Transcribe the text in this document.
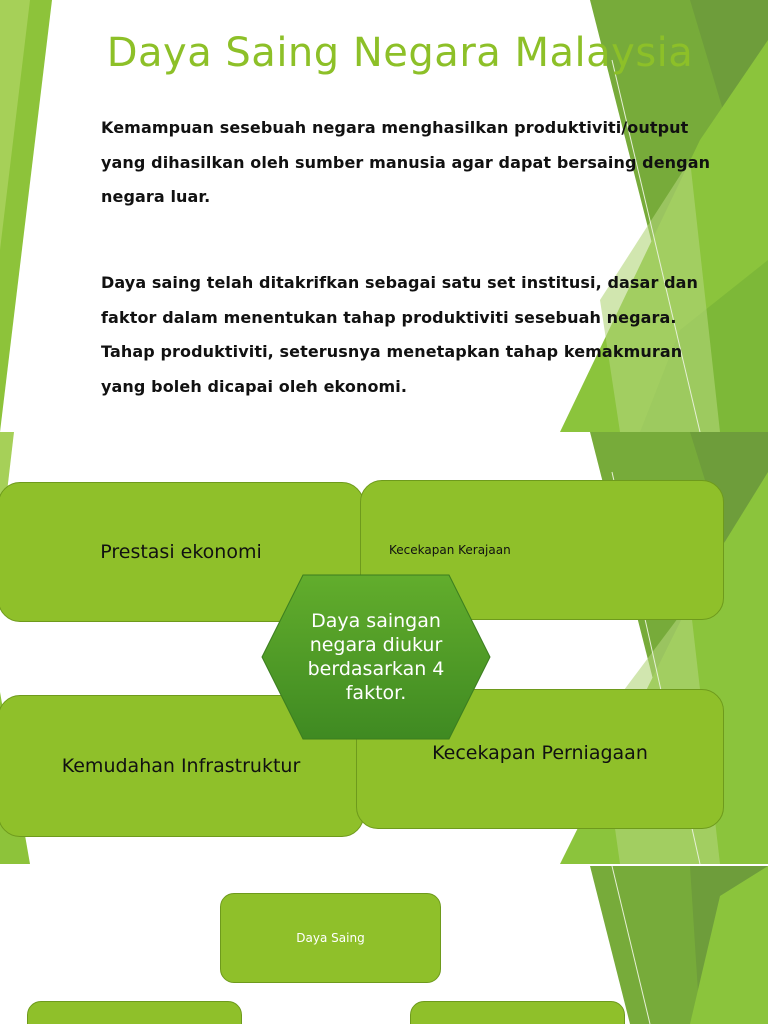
Daya Saing Negara Malaysia

Kemampuan sesebuah negara menghasilkan produktiviti/output yang dihasilkan oleh sumber manusia agar dapat bersaing dengan negara luar.

Daya saing telah ditakrifkan sebagai satu set institusi, dasar dan faktor dalam menentukan tahap produktiviti sesebuah negara. Tahap produktiviti, seterusnya menetapkan tahap kemakmuran yang boleh dicapai oleh ekonomi.

Prestasi ekonomi	Kecekapan Kerajaan
Kemudahan Infrastruktur
Kecekapan Perniagaan
Daya saingan negara diukur berdasarkan 4 faktor.
Daya Saing
